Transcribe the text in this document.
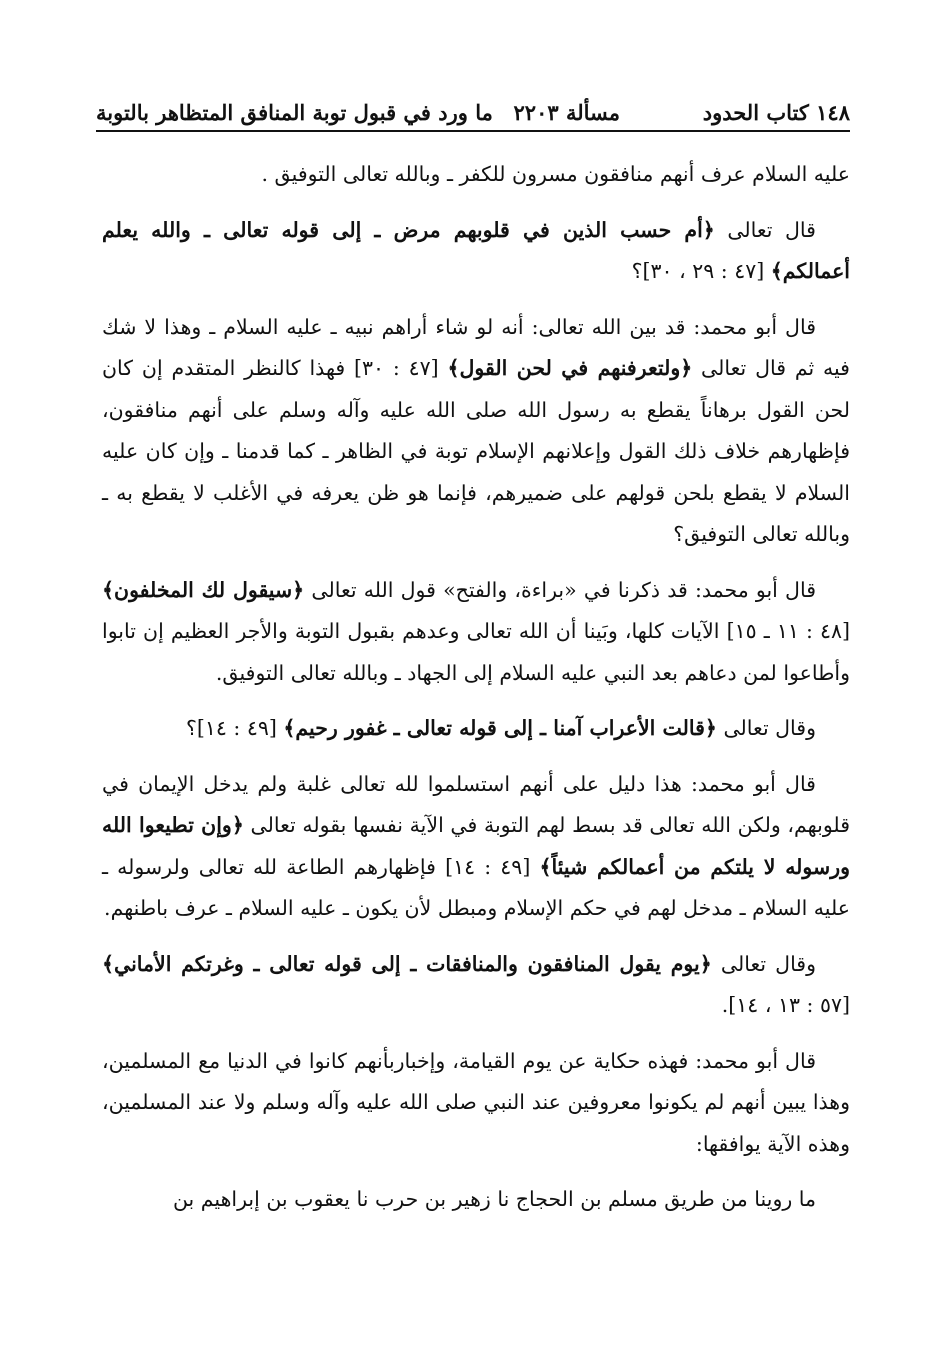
١٤٨ كتاب الحدود
مسألة ٢٢٠٣
ما ورد في قبول توبة المنافق المتظاهر بالتوبة

عليه السلام عرف أنهم منافقون مسرون للكفر ـ وبالله تعالى التوفيق .

قال تعالى ﴿أم حسب الذين في قلوبهم مرض ـ إلى قوله تعالى ـ والله يعلم أعمالكم﴾ [٤٧ : ٢٩ ، ٣٠]؟

قال أبو محمد: قد بين الله تعالى: أنه لو شاء أراهم نبيه ـ عليه السلام ـ وهذا لا شك فيه ثم قال تعالى ﴿ولتعرفنهم في لحن القول﴾ [٤٧ : ٣٠] فهذا كالنظر المتقدم إن كان لحن القول برهاناً يقطع به رسول الله صلى الله عليه وآله وسلم على أنهم منافقون، فإظهارهم خلاف ذلك القول وإعلانهم الإسلام توبة في الظاهر ـ كما قدمنا ـ وإن كان عليه السلام لا يقطع بلحن قولهم على ضميرهم، فإنما هو ظن يعرفه في الأغلب لا يقطع به ـ وبالله تعالى التوفيق؟

قال أبو محمد: قد ذكرنا في «براءة، والفتح» قول الله تعالى ﴿سيقول لك المخلفون﴾ [٤٨ : ١١ ـ ١٥] الآيات كلها، وبَينا أن الله تعالى وعدهم بقبول التوبة والأجر العظيم إن تابوا وأطاعوا لمن دعاهم بعد النبي عليه السلام إلى الجهاد ـ وبالله تعالى التوفيق.

وقال تعالى ﴿قالت الأعراب آمنا ـ إلى قوله تعالى ـ غفور رحيم﴾ [٤٩ : ١٤]؟

قال أبو محمد: هذا دليل على أنهم استسلموا لله تعالى غلبة ولم يدخل الإيمان في قلوبهم، ولكن الله تعالى قد بسط لهم التوبة في الآية نفسها بقوله تعالى ﴿وإن تطيعوا الله ورسوله لا يلتكم من أعمالكم شيئاً﴾ [٤٩ : ١٤] فإظهارهم الطاعة لله تعالى ولرسوله ـ عليه السلام ـ مدخل لهم في حكم الإسلام ومبطل لأن يكون ـ عليه السلام ـ عرف باطنهم.

وقال تعالى ﴿يوم يقول المنافقون والمنافقات ـ إلى قوله تعالى ـ وغرتكم الأماني﴾ [٥٧ : ١٣ ، ١٤].

قال أبو محمد: فهذه حكاية عن يوم القيامة، وإخباربأنهم كانوا في الدنيا مع المسلمين، وهذا يبين أنهم لم يكونوا معروفين عند النبي صلى الله عليه وآله وسلم ولا عند المسلمين، وهذه الآية يوافقها:

ما روينا من طريق مسلم بن الحجاج نا زهير بن حرب نا يعقوب بن إبراهيم بن
